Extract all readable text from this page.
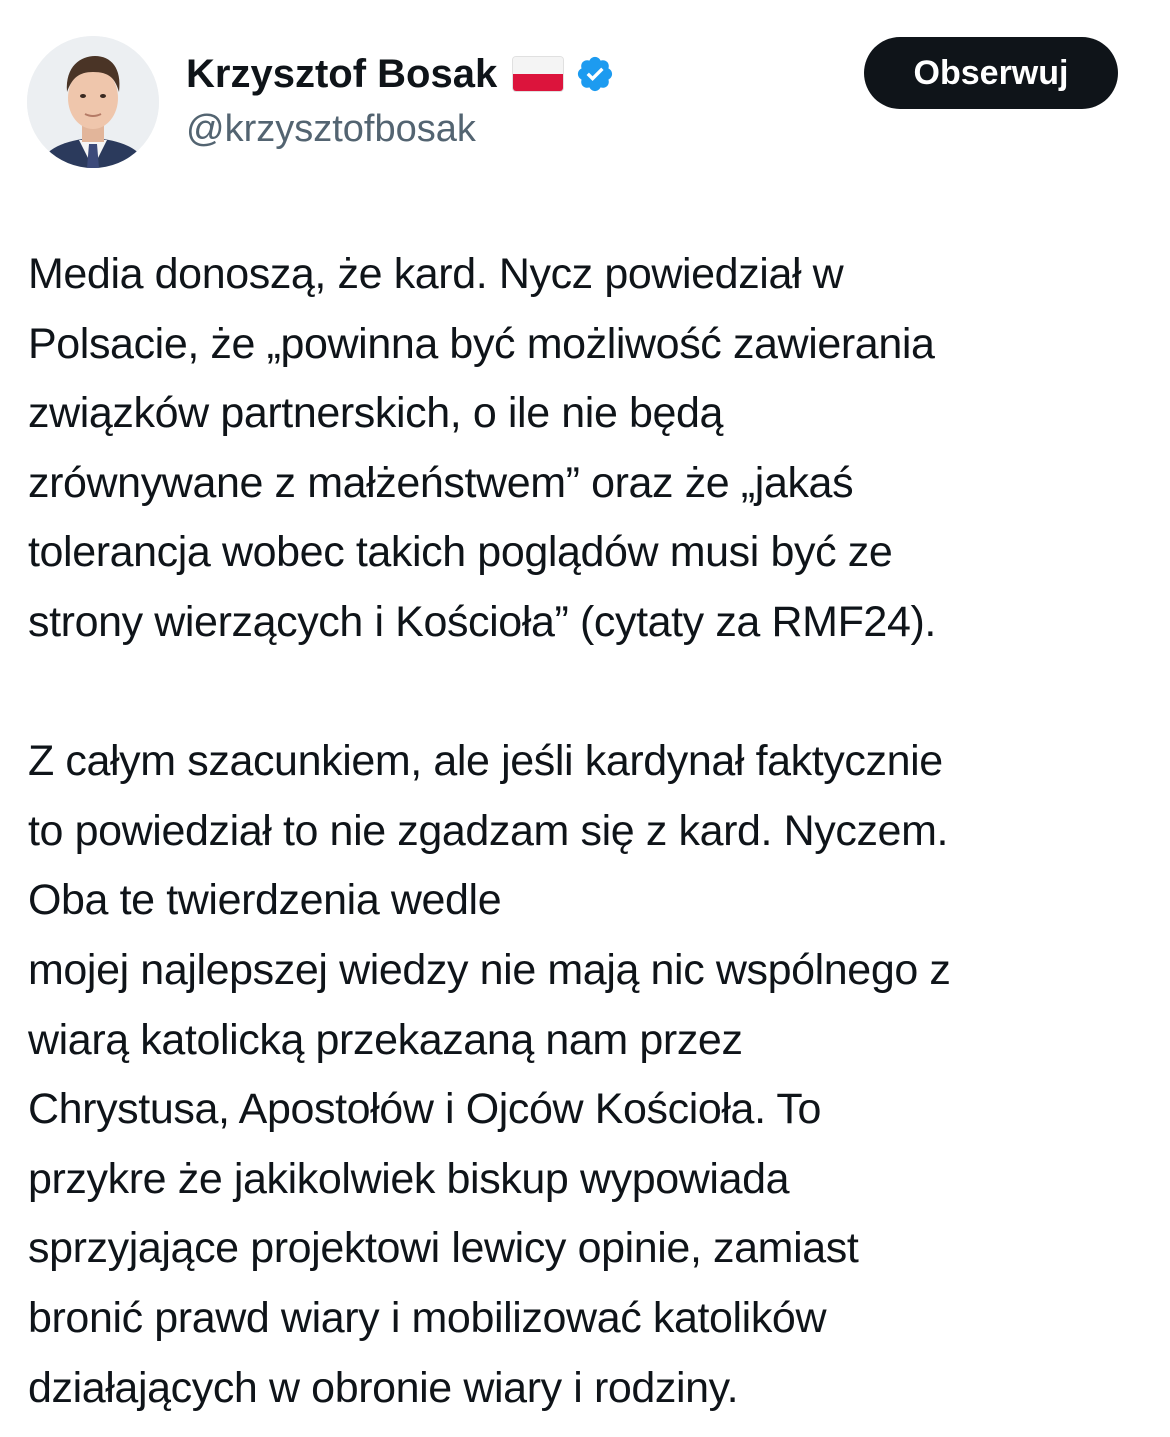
Krzysztof Bosak
@krzysztofbosak
Obserwuj
Media donoszą, że kard. Nycz powiedział w
Polsacie, że „powinna być możliwość zawierania
związków partnerskich, o ile nie będą
zrównywane z małżeństwem” oraz że „jakaś
tolerancja wobec takich poglądów musi być ze
strony wierzących i Kościoła” (cytaty za RMF24).
Z całym szacunkiem, ale jeśli kardynał faktycznie
to powiedział to nie zgadzam się z kard. Nyczem.
Oba te twierdzenia wedle
mojej najlepszej wiedzy nie mają nic wspólnego z
wiarą katolicką przekazaną nam przez
Chrystusa, Apostołów i Ojców Kościoła. To
przykre że jakikolwiek biskup wypowiada
sprzyjające projektowi lewicy opinie, zamiast
bronić prawd wiary i mobilizować katolików
działających w obronie wiary i rodziny.
